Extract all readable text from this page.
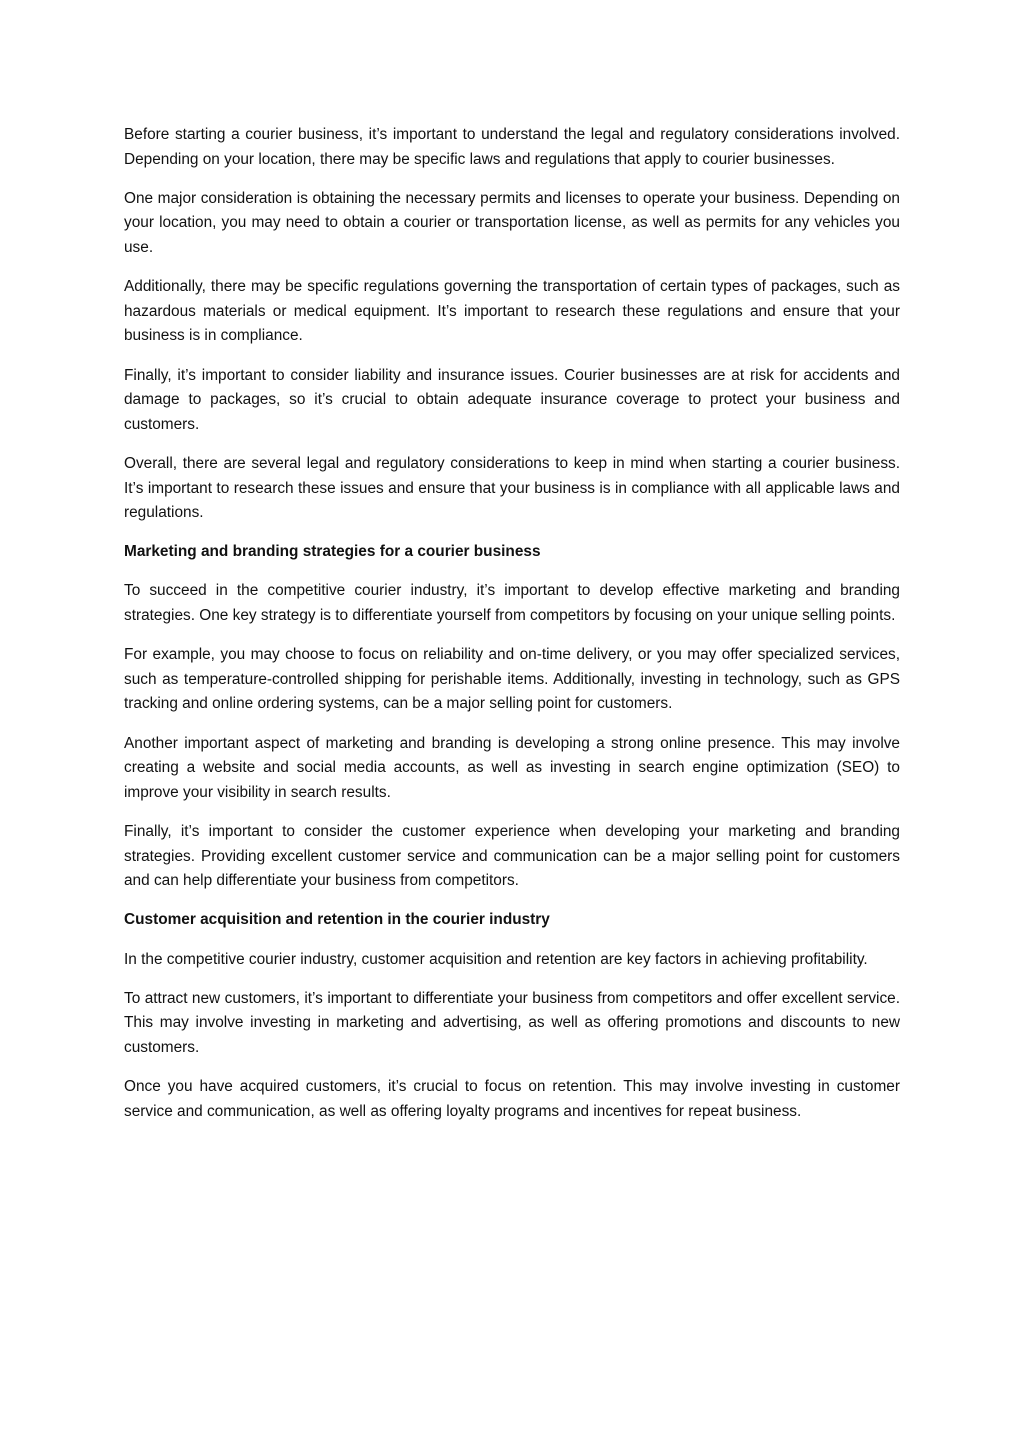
Before starting a courier business, it’s important to understand the legal and regulatory considerations involved. Depending on your location, there may be specific laws and regulations that apply to courier businesses.

One major consideration is obtaining the necessary permits and licenses to operate your business. Depending on your location, you may need to obtain a courier or transportation license, as well as permits for any vehicles you use.

Additionally, there may be specific regulations governing the transportation of certain types of packages, such as hazardous materials or medical equipment. It’s important to research these regulations and ensure that your business is in compliance.

Finally, it’s important to consider liability and insurance issues. Courier businesses are at risk for accidents and damage to packages, so it’s crucial to obtain adequate insurance coverage to protect your business and customers.

Overall, there are several legal and regulatory considerations to keep in mind when starting a courier business. It’s important to research these issues and ensure that your business is in compliance with all applicable laws and regulations.

Marketing and branding strategies for a courier business

To succeed in the competitive courier industry, it’s important to develop effective marketing and branding strategies. One key strategy is to differentiate yourself from competitors by focusing on your unique selling points.

For example, you may choose to focus on reliability and on-time delivery, or you may offer specialized services, such as temperature-controlled shipping for perishable items. Additionally, investing in technology, such as GPS tracking and online ordering systems, can be a major selling point for customers.

Another important aspect of marketing and branding is developing a strong online presence. This may involve creating a website and social media accounts, as well as investing in search engine optimization (SEO) to improve your visibility in search results.

Finally, it’s important to consider the customer experience when developing your marketing and branding strategies. Providing excellent customer service and communication can be a major selling point for customers and can help differentiate your business from competitors.

Customer acquisition and retention in the courier industry

In the competitive courier industry, customer acquisition and retention are key factors in achieving profitability.

To attract new customers, it’s important to differentiate your business from competitors and offer excellent service. This may involve investing in marketing and advertising, as well as offering promotions and discounts to new customers.

Once you have acquired customers, it’s crucial to focus on retention. This may involve investing in customer service and communication, as well as offering loyalty programs and incentives for repeat business.
